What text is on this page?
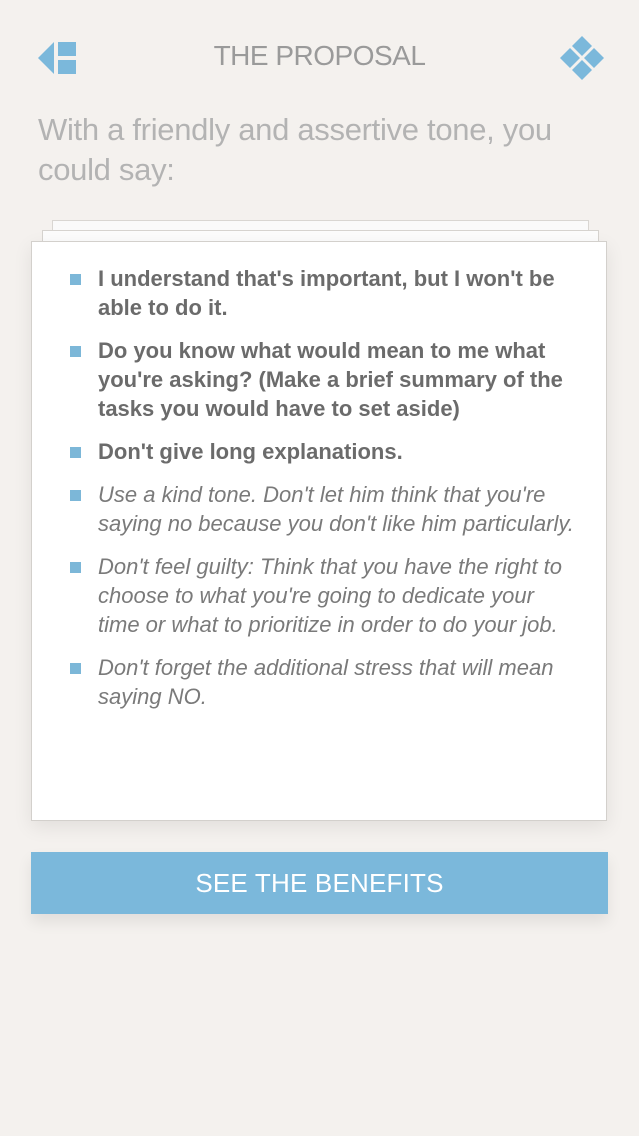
THE PROPOSAL
With a friendly and assertive tone, you could say:
I understand that's important, but I won't be able to do it.
Do you know what would mean to me what you're asking? (Make a brief summary of the tasks you would have to set aside)
Don't give long explanations.
Use a kind tone. Don't let him think that you're saying no because you don't like him particularly.
Don't feel guilty: Think that you have the right to choose to what you're going to dedicate your time or what to prioritize in order to do your job.
Don't forget the additional stress that will mean saying NO.
SEE THE BENEFITS
